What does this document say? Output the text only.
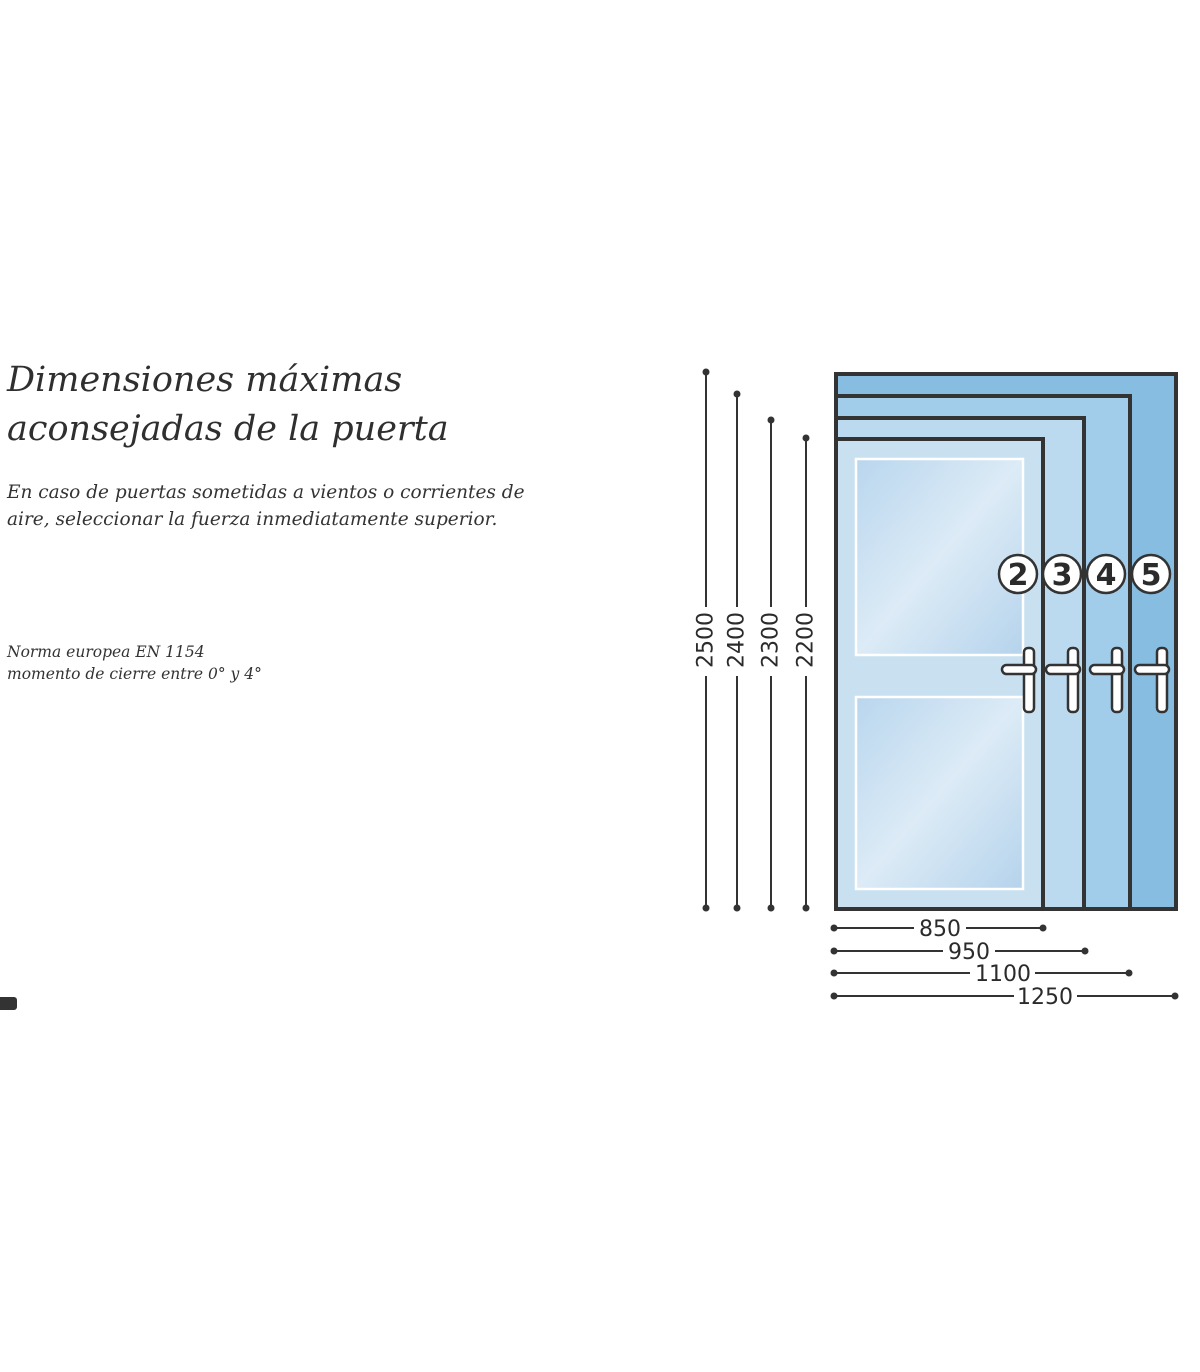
Dimensiones máximas
aconsejadas de la puerta

En caso de puertas sometidas a vientos o corrientes de
aire, seleccionar la fuerza inmediatamente superior.

Norma europea EN 1154
momento de cierre entre 0° y 4°

2 3 4 5
2500 2400 2300 2200
850
950
1100
1250
